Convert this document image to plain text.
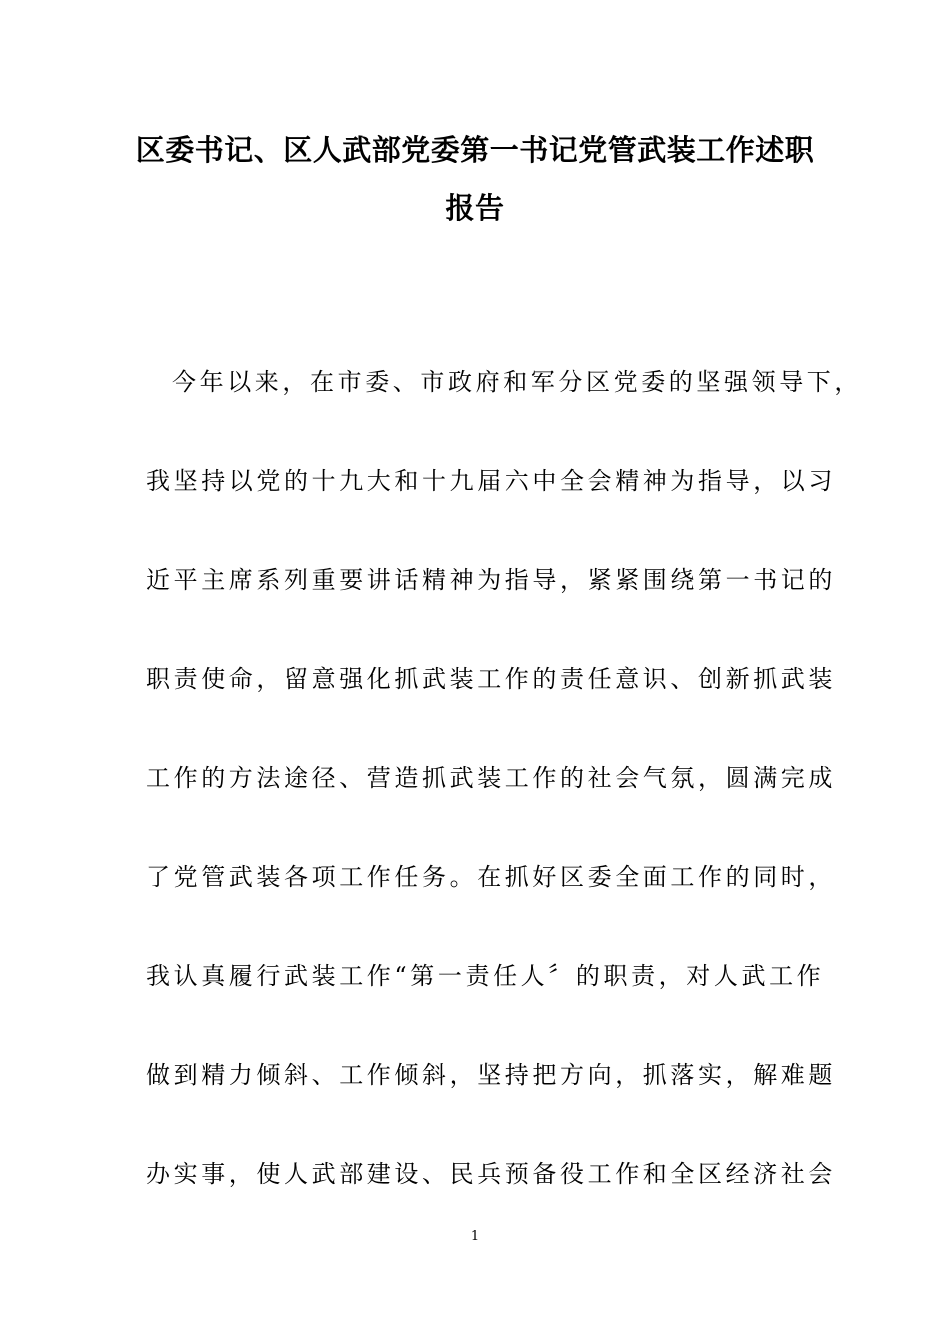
区委书记、区人武部党委第一书记党管武装工作述职
报告
今年以来，在市委、市政府和军分区党委的坚强领导下，
我坚持以党的十九大和十九届六中全会精神为指导，以习
近平主席系列重要讲话精神为指导，紧紧围绕第一书记的
职责使命，留意强化抓武装工作的责任意识、创新抓武装
工作的方法途径、营造抓武装工作的社会气氛，圆满完成
了党管武装各项工作任务。在抓好区委全面工作的同时，
我认真履行武装工作“第一责任人〞的职责，对人武工作
做到精力倾斜、工作倾斜，坚持把方向，抓落实，解难题
办实事，使人武部建设、民兵预备役工作和全区经济社会
1
